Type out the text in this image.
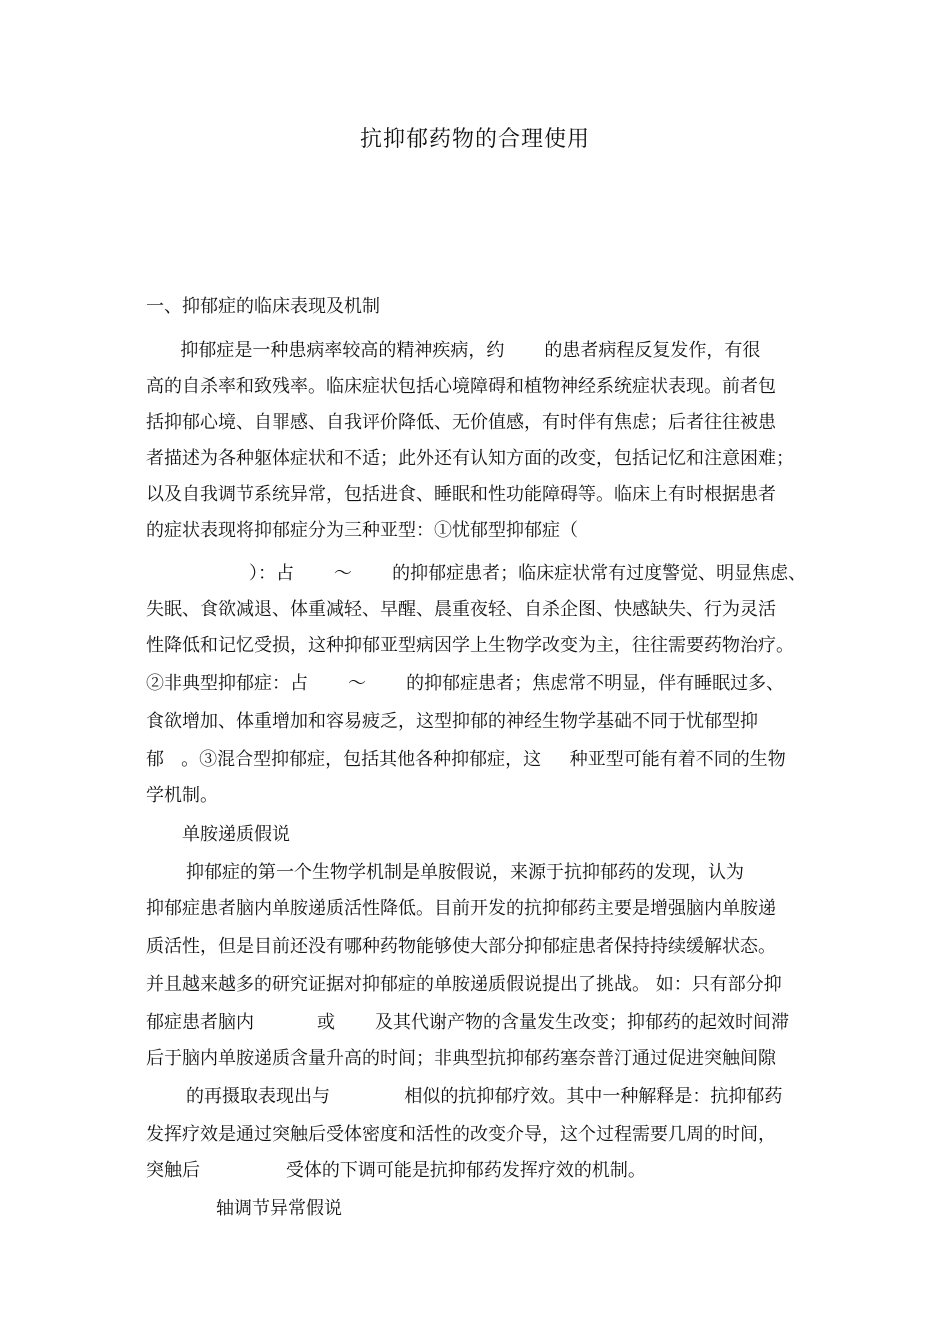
抗抑郁药物的合理使用
一、抑郁症的临床表现及机制
抑郁症是一种患病率较高的精神疾病，约       的患者病程反复发作，有很
高的自杀率和致残率。临床症状包括心境障碍和植物神经系统症状表现。前者包
括抑郁心境、自罪感、自我评价降低、无价值感，有时伴有焦虑；后者往往被患
者描述为各种躯体症状和不适；此外还有认知方面的改变，包括记忆和注意困难；
以及自我调节系统异常，包括进食、睡眠和性功能障碍等。临床上有时根据患者
的症状表现将抑郁症分为三种亚型：①忧郁型抑郁症（
）：占       ～       的抑郁症患者；临床症状常有过度警觉、明显焦虑、
失眠、食欲减退、体重减轻、早醒、晨重夜轻、自杀企图、快感缺失、行为灵活
性降低和记忆受损，这种抑郁亚型病因学上生物学改变为主，往往需要药物治疗。
②非典型抑郁症：占       ～       的抑郁症患者；焦虑常不明显，伴有睡眠过多、
食欲增加、体重增加和容易疲乏，这型抑郁的神经生物学基础不同于忧郁型抑
郁   。③混合型抑郁症，包括其他各种抑郁症，这     种亚型可能有着不同的生物
学机制。
单胺递质假说
抑郁症的第一个生物学机制是单胺假说，来源于抗抑郁药的发现，认为
抑郁症患者脑内单胺递质活性降低。目前开发的抗抑郁药主要是增强脑内单胺递
质活性，但是目前还没有哪种药物能够使大部分抑郁症患者保持持续缓解状态。
并且越来越多的研究证据对抑郁症的单胺递质假说提出了挑战。 如：只有部分抑
郁症患者脑内           或       及其代谢产物的含量发生改变；抑郁药的起效时间滞
后于脑内单胺递质含量升高的时间；非典型抗抑郁药塞奈普汀通过促进突触间隙
的再摄取表现出与             相似的抗抑郁疗效。其中一种解释是：抗抑郁药
发挥疗效是通过突触后受体密度和活性的改变介导，这个过程需要几周的时间，
突触后               受体的下调可能是抗抑郁药发挥疗效的机制。
轴调节异常假说
